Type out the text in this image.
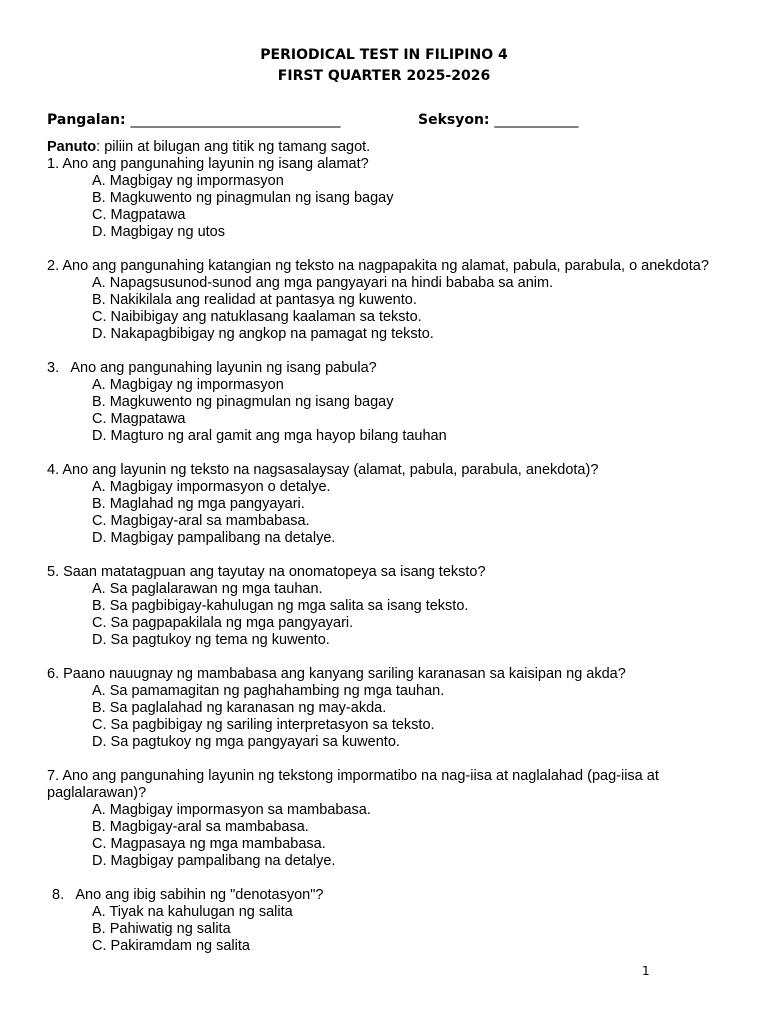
PERIODICAL TEST IN FILIPINO 4
FIRST QUARTER 2025-2026
Pangalan: ______________________________	Seksyon: ____________
Panuto: piliin at bilugan ang titik ng tamang sagot.
1. Ano ang pangunahing layunin ng isang alamat?
A. Magbigay ng impormasyon
B. Magkuwento ng pinagmulan ng isang bagay
C. Magpatawa
D. Magbigay ng utos
2. Ano ang pangunahing katangian ng teksto na nagpapakita ng alamat, pabula, parabula, o anekdota?
A. Napagsusunod-sunod ang mga pangyayari na hindi bababa sa anim.
B. Nakikilala ang realidad at pantasya ng kuwento.
C. Naibibigay ang natuklasang kaalaman sa teksto.
D. Nakapagbibigay ng angkop na pamagat ng teksto.
3. Ano ang pangunahing layunin ng isang pabula?
A. Magbigay ng impormasyon
B. Magkuwento ng pinagmulan ng isang bagay
C. Magpatawa
D. Magturo ng aral gamit ang mga hayop bilang tauhan
4. Ano ang layunin ng teksto na nagsasalaysay (alamat, pabula, parabula, anekdota)?
A. Magbigay impormasyon o detalye.
B. Maglahad ng mga pangyayari.
C. Magbigay-aral sa mambabasa.
D. Magbigay pampalibang na detalye.
5. Saan matatagpuan ang tayutay na onomatopeya sa isang teksto?
A. Sa paglalarawan ng mga tauhan.
B. Sa pagbibigay-kahulugan ng mga salita sa isang teksto.
C. Sa pagpapakilala ng mga pangyayari.
D. Sa pagtukoy ng tema ng kuwento.
6. Paano nauugnay ng mambabasa ang kanyang sariling karanasan sa kaisipan ng akda?
A. Sa pamamagitan ng paghahambing ng mga tauhan.
B. Sa paglalahad ng karanasan ng may-akda.
C. Sa pagbibigay ng sariling interpretasyon sa teksto.
D. Sa pagtukoy ng mga pangyayari sa kuwento.
7. Ano ang pangunahing layunin ng tekstong impormatibo na nag-iisa at naglalahad (pag-iisa at paglalarawan)?
A. Magbigay impormasyon sa mambabasa.
B. Magbigay-aral sa mambabasa.
C. Magpasaya ng mga mambabasa.
D. Magbigay pampalibang na detalye.
8. Ano ang ibig sabihin ng "denotasyon"?
A. Tiyak na kahulugan ng salita
B. Pahiwatig ng salita
C. Pakiramdam ng salita
1
